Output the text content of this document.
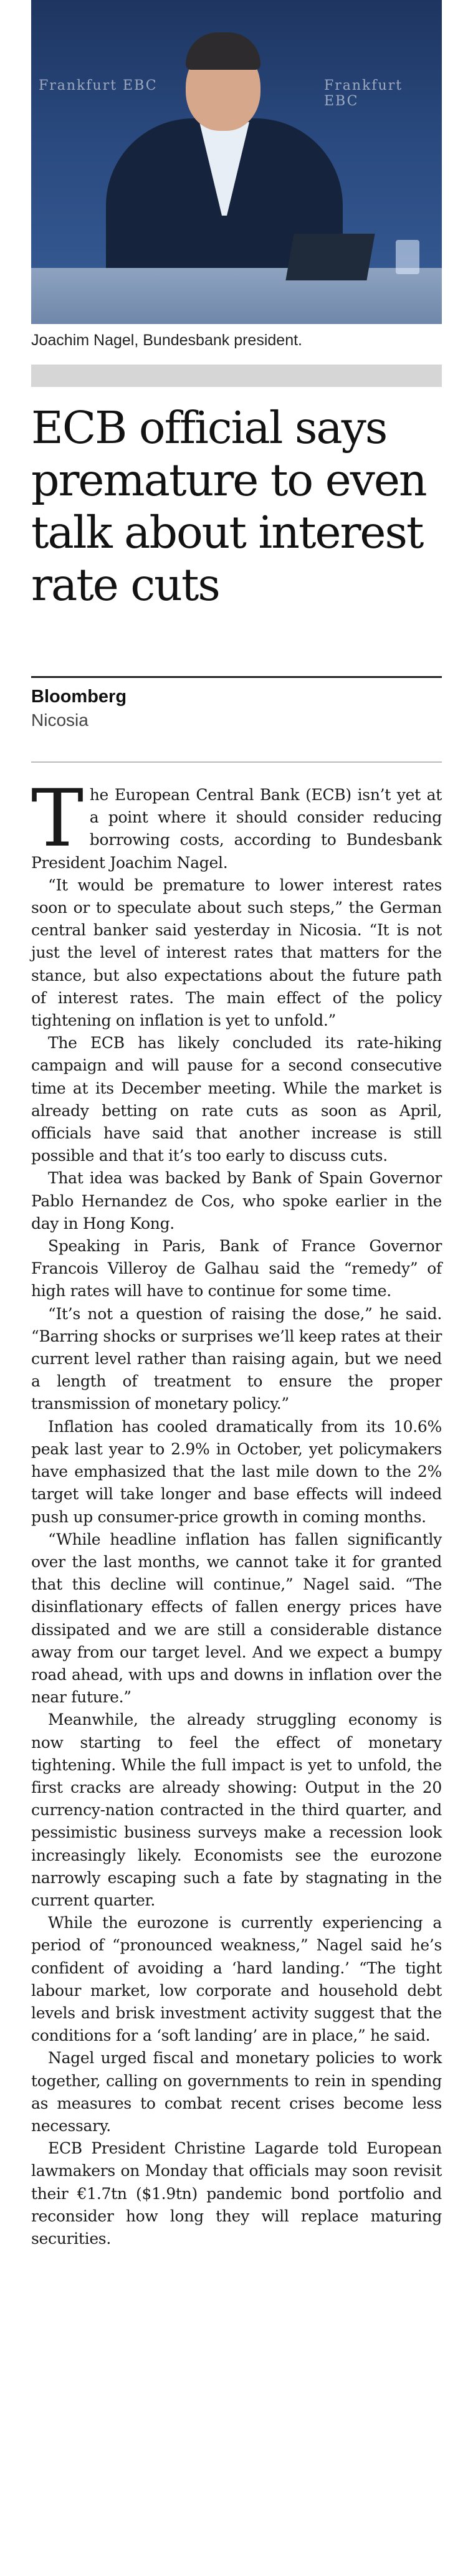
Frankfurt EBC	Frankfurt EBC
Joachim Nagel, Bundesbank president.
ECB official says premature to even talk about interest rate cuts
Bloomberg
Nicosia

The European Central Bank (ECB) isn’t yet at a point where it should consider reducing borrowing costs, according to Bundesbank President Joachim Nagel.

“It would be premature to lower interest rates soon or to speculate about such steps,” the German central banker said yesterday in Nicosia. “It is not just the level of interest rates that matters for the stance, but also expectations about the future path of interest rates. The main effect of the policy tightening on inflation is yet to unfold.”

The ECB has likely concluded its rate-hiking campaign and will pause for a second consecutive time at its December meeting. While the market is already betting on rate cuts as soon as April, officials have said that another increase is still possible and that it’s too early to discuss cuts.

That idea was backed by Bank of Spain Governor Pablo Hernandez de Cos, who spoke earlier in the day in Hong Kong.

Speaking in Paris, Bank of France Governor Francois Villeroy de Galhau said the “remedy” of high rates will have to continue for some time.

“It’s not a question of raising the dose,” he said. “Barring shocks or surprises we’ll keep rates at their current level rather than raising again, but we need a length of treatment to ensure the proper transmission of monetary policy.”

Inflation has cooled dramatically from its 10.6% peak last year to 2.9% in October, yet policymakers have emphasized that the last mile down to the 2% target will take longer and base effects will indeed push up consumer-price growth in coming months.

“While headline inflation has fallen significantly over the last months, we cannot take it for granted that this decline will continue,” Nagel said. “The disinflationary effects of fallen energy prices have dissipated and we are still a considerable distance away from our target level. And we expect a bumpy road ahead, with ups and downs in inflation over the near future.”

Meanwhile, the already struggling economy is now starting to feel the effect of monetary tightening. While the full impact is yet to unfold, the first cracks are already showing: Output in the 20 currency-nation contracted in the third quarter, and pessimistic business surveys make a recession look increasingly likely. Economists see the eurozone narrowly escaping such a fate by stagnating in the current quarter.

While the eurozone is currently experiencing a period of “pronounced weakness,” Nagel said he’s confident of avoiding a ‘hard landing.’ “The tight labour market, low corporate and household debt levels and brisk investment activity suggest that the conditions for a ‘soft landing’ are in place,” he said.

Nagel urged fiscal and monetary policies to work together, calling on governments to rein in spending as measures to combat recent crises become less necessary.

ECB President Christine Lagarde told European lawmakers on Monday that officials may soon revisit their €1.7tn ($1.9tn) pandemic bond portfolio and reconsider how long they will replace maturing securities.
